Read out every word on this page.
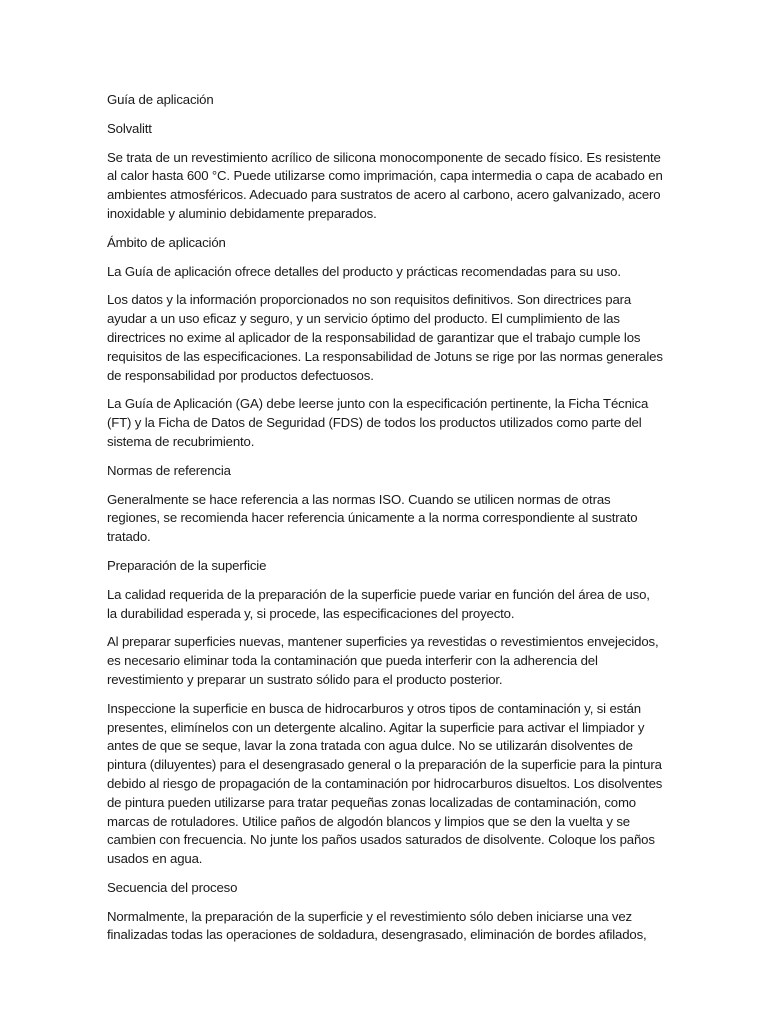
Guía de aplicación

Solvalitt

Se trata de un revestimiento acrílico de silicona monocomponente de secado físico. Es resistente al calor hasta 600 °C. Puede utilizarse como imprimación, capa intermedia o capa de acabado en ambientes atmosféricos. Adecuado para sustratos de acero al carbono, acero galvanizado, acero inoxidable y aluminio debidamente preparados.

Ámbito de aplicación

La Guía de aplicación ofrece detalles del producto y prácticas recomendadas para su uso.

Los datos y la información proporcionados no son requisitos definitivos. Son directrices para ayudar a un uso eficaz y seguro, y un servicio óptimo del producto. El cumplimiento de las directrices no exime al aplicador de la responsabilidad de garantizar que el trabajo cumple los requisitos de las especificaciones. La responsabilidad de Jotuns se rige por las normas generales de responsabilidad por productos defectuosos.

La Guía de Aplicación (GA) debe leerse junto con la especificación pertinente, la Ficha Técnica (FT) y la Ficha de Datos de Seguridad (FDS) de todos los productos utilizados como parte del sistema de recubrimiento.

Normas de referencia

Generalmente se hace referencia a las normas ISO. Cuando se utilicen normas de otras regiones, se recomienda hacer referencia únicamente a la norma correspondiente al sustrato tratado.

Preparación de la superficie

La calidad requerida de la preparación de la superficie puede variar en función del área de uso, la durabilidad esperada y, si procede, las especificaciones del proyecto.

Al preparar superficies nuevas, mantener superficies ya revestidas o revestimientos envejecidos, es necesario eliminar toda la contaminación que pueda interferir con la adherencia del revestimiento y preparar un sustrato sólido para el producto posterior.

Inspeccione la superficie en busca de hidrocarburos y otros tipos de contaminación y, si están presentes, elimínelos con un detergente alcalino. Agitar la superficie para activar el limpiador y antes de que se seque, lavar la zona tratada con agua dulce. No se utilizarán disolventes de pintura (diluyentes) para el desengrasado general o la preparación de la superficie para la pintura debido al riesgo de propagación de la contaminación por hidrocarburos disueltos. Los disolventes de pintura pueden utilizarse para tratar pequeñas zonas localizadas de contaminación, como marcas de rotuladores. Utilice paños de algodón blancos y limpios que se den la vuelta y se cambien con frecuencia. No junte los paños usados saturados de disolvente. Coloque los paños usados en agua.

Secuencia del proceso

Normalmente, la preparación de la superficie y el revestimiento sólo deben iniciarse una vez finalizadas todas las operaciones de soldadura, desengrasado, eliminación de bordes afilados,
